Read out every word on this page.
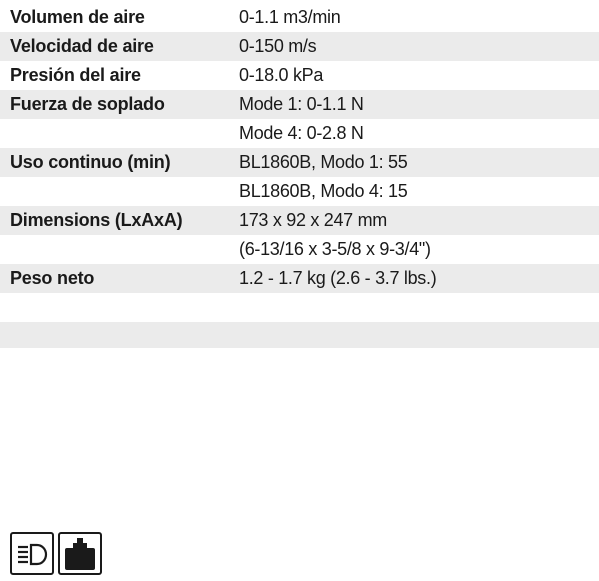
Volumen de aire	0-1.1 m3/min
Velocidad de aire	0-150 m/s
Presión del aire	0-18.0 kPa
Fuerza de soplado	Mode 1: 0-1.1 N
Mode 4: 0-2.8 N
Uso continuo (min)	BL1860B, Modo 1: 55
BL1860B, Modo 4: 15
Dimensions (LxAxA)	173 x 92 x 247 mm
(6-13/16 x 3-5/8 x 9-3/4")
Peso neto	1.2 - 1.7 kg (2.6 - 3.7 lbs.)
